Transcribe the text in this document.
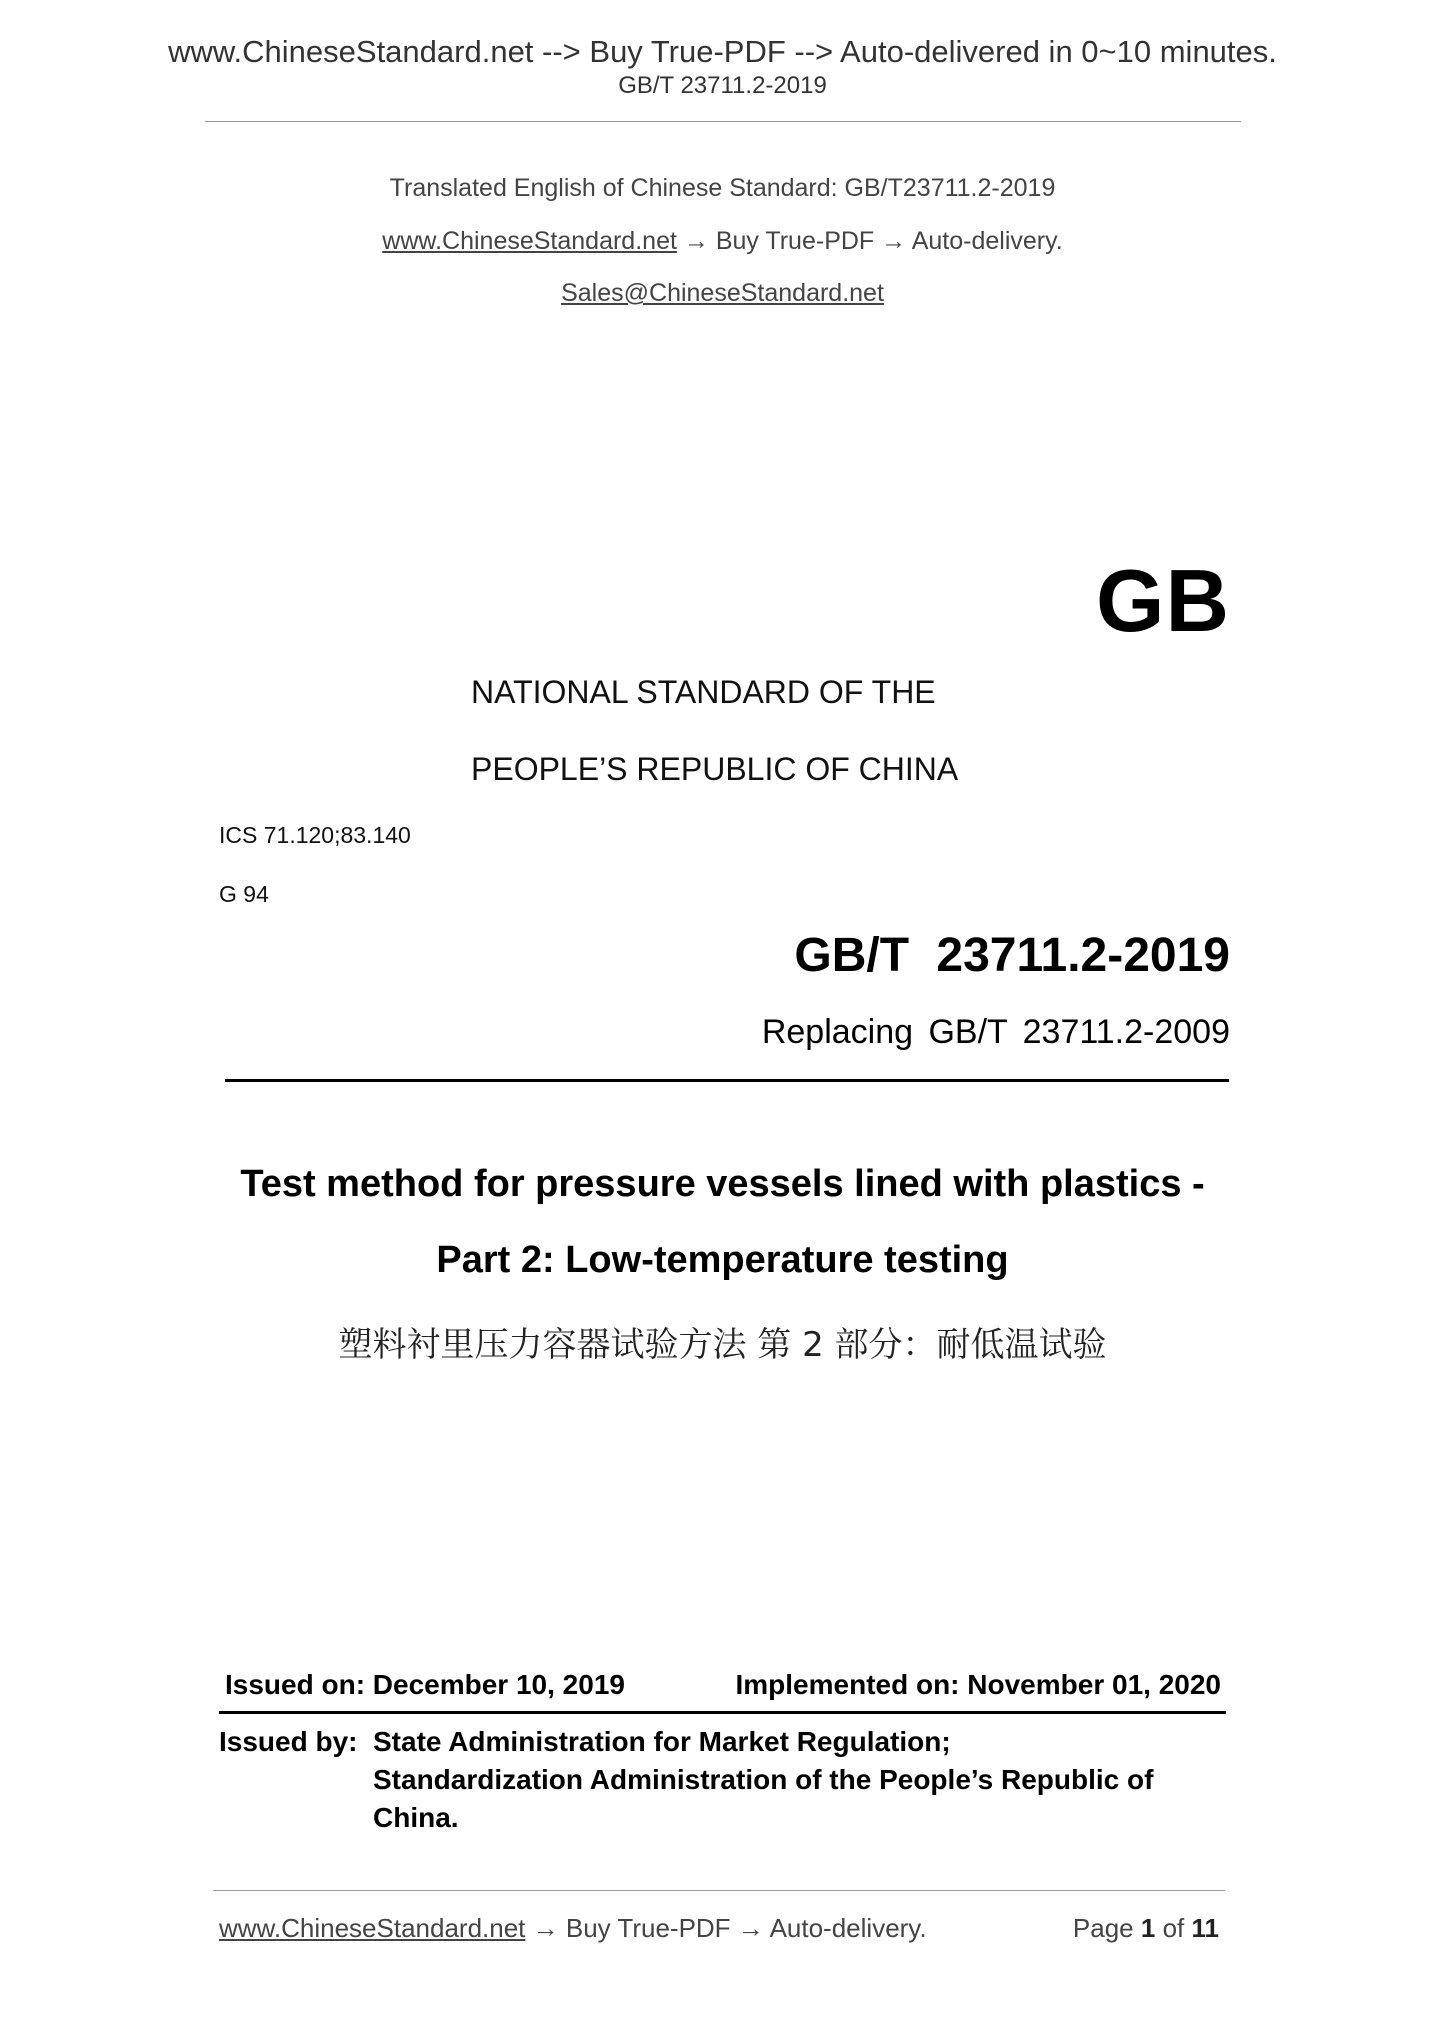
www.ChineseStandard.net --> Buy True-PDF --> Auto-delivered in 0~10 minutes.
GB/T 23711.2-2019
Translated English of Chinese Standard: GB/T23711.2-2019
www.ChineseStandard.net → Buy True-PDF → Auto-delivery.
Sales@ChineseStandard.net
GB
NATIONAL STANDARD OF THE
PEOPLE’S REPUBLIC OF CHINA
ICS 71.120;83.140
G 94
GB/T 23711.2-2019
Replacing GB/T 23711.2-2009
Test method for pressure vessels lined with plastics -
Part 2: Low-temperature testing
塑料衬里压力容器试验方法 第 2 部分：耐低温试验
Issued on: December 10, 2019	Implemented on: November 01, 2020
Issued by: State Administration for Market Regulation;
Standardization Administration of the People’s Republic of
China.
www.ChineseStandard.net → Buy True-PDF → Auto-delivery.	Page 1 of 11
